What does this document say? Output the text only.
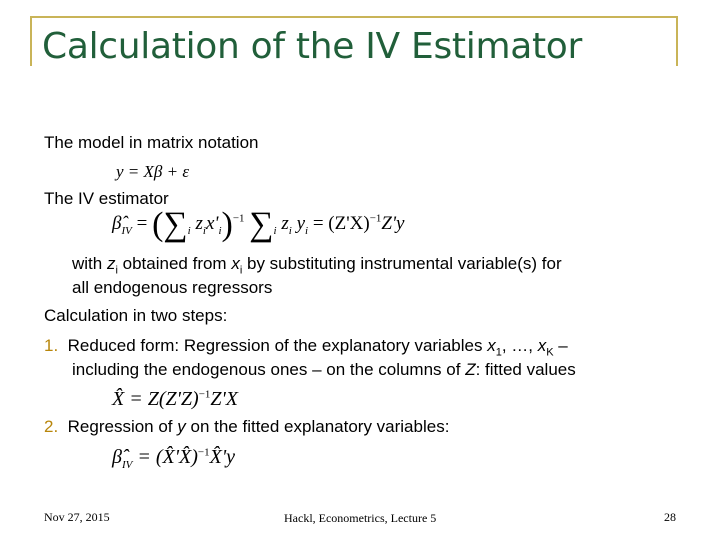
Calculation of the IV Estimator
The model in matrix notation
y = Xβ + ε
The IV estimator
$\betâ_{IV} = (\sum_i$ $z_ix'_i)^{-1}$ $\sum_i$ $z_i$ $y_i = (Z'X)^{-1}Z'y$
with $z_i$ obtained from $x_i$ by substituting instrumental variable(s) for
all endogenous regressors
Calculation in two steps:
1. Reduced form: Regression of the explanatory variables $x_1$, …, $x_K$ –
including the endogenous ones – on the columns of Z: fitted values
X̂ = $Z(Z'Z)^{-1}Z'X$
2. Regression of y on the fitted explanatory variables:
$\betâ_{IV}$ = (X̂'X̂)$^{-1}$X̂'y
Nov 27, 2015	Hackl, Econometrics, Lecture 5	28
